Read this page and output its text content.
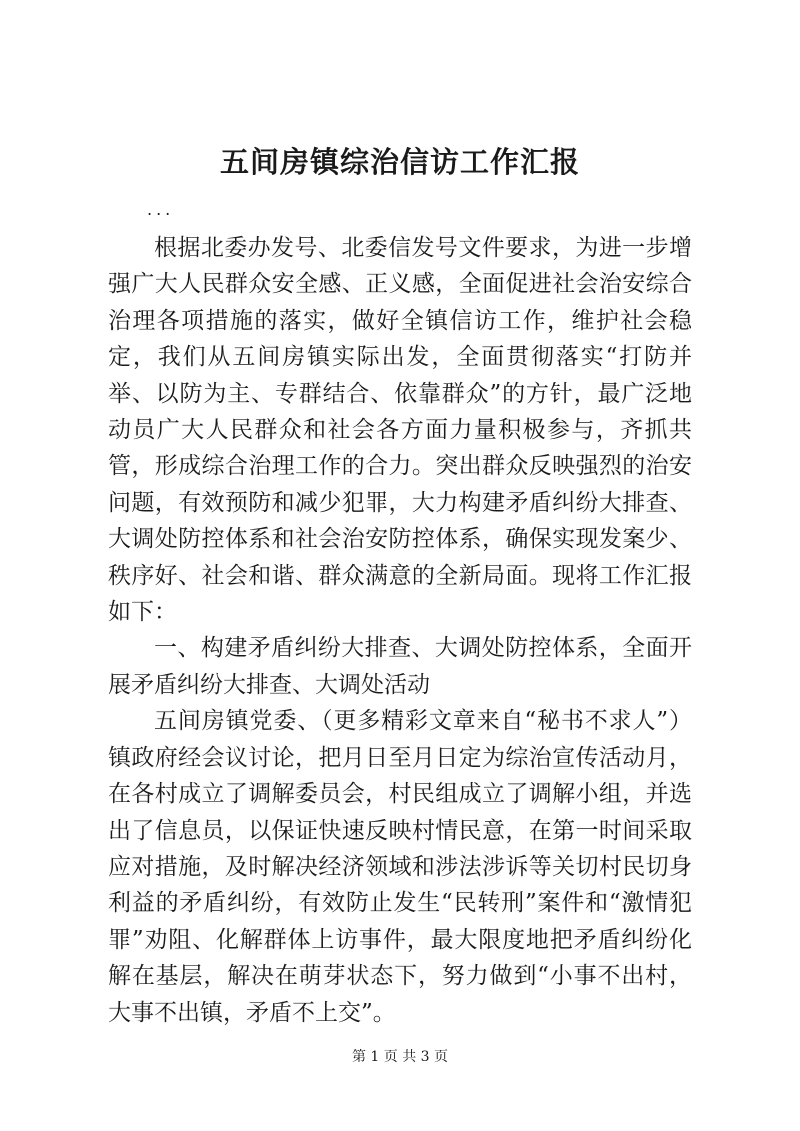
五间房镇综治信访工作汇报
...

根据北委办发号、北委信发号文件要求，为进一步增强广大人民群众安全感、正义感，全面促进社会治安综合治理各项措施的落实，做好全镇信访工作，维护社会稳定，我们从五间房镇实际出发，全面贯彻落实“打防并举、以防为主、专群结合、依靠群众”的方针，最广泛地动员广大人民群众和社会各方面力量积极参与，齐抓共管，形成综合治理工作的合力。突出群众反映强烈的治安问题，有效预防和减少犯罪，大力构建矛盾纠纷大排查、大调处防控体系和社会治安防控体系，确保实现发案少、秩序好、社会和谐、群众满意的全新局面。现将工作汇报如下：

一、构建矛盾纠纷大排查、大调处防控体系，全面开展矛盾纠纷大排查、大调处活动

五间房镇党委、（更多精彩文章来自“秘书不求人”）镇政府经会议讨论，把月日至月日定为综治宣传活动月，在各村成立了调解委员会，村民组成立了调解小组，并选出了信息员，以保证快速反映村情民意，在第一时间采取应对措施，及时解决经济领域和涉法涉诉等关切村民切身利益的矛盾纠纷，有效防止发生“民转刑”案件和“激情犯罪”劝阻、化解群体上访事件，最大限度地把矛盾纠纷化解在基层，解决在萌芽状态下，努力做到“小事不出村，大事不出镇，矛盾不上交”。

第 1 页 共 3 页
